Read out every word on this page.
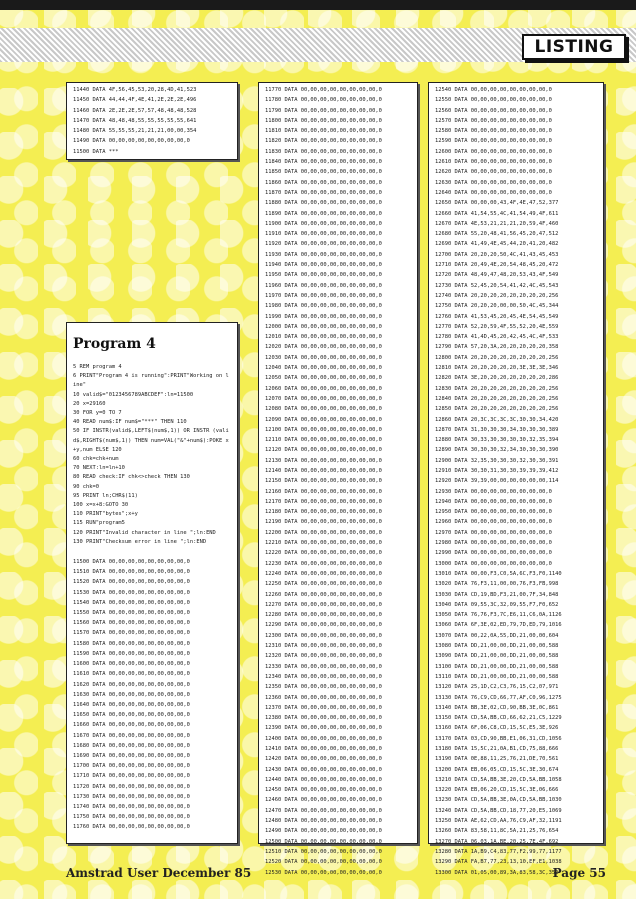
LISTING
11440 DATA 4F,56,45,53,20,28,4D,41,523
11450 DATA 44,44,4F,4E,41,2E,2E,2E,496
11460 DATA 2E,2E,2E,57,57,48,48,48,528
11470 DATA 48,48,48,55,55,55,55,55,641
11480 DATA 55,55,55,21,21,21,00,00,354
11490 DATA 00,00,00,00,00,00,00,00,0
11500 DATA ***
Program 4
5 REM program 4
6 PRINT"Program 4 is running":PRINT"Working on line"
10 valid$="0123456789ABCDEF":ln=11500
20 x=29160
30 FOR y=0 TO 7
40 READ num$:IF num$="***" THEN 110
50 IF INSTR(valid$,LEFT$(num$,1)) OR INSTR (valid$,RIGHT$(num$,1)) THEN num=VAL("&"+num$):POKE x+y,num ELSE 120
60 chk=chk+num
70 NEXT:ln=ln+10
80 READ check:IF chk<>check THEN 130
90 chk=0
95 PRINT ln;CHR$(11)
100 x=x+8:GOTO 30
110 PRINT"bytes";x+y
115 RUN"program5
120 PRINT"Invalid character in line ";ln:END
130 PRINT"Checksum error in line ";ln:END
11500 DATA 00,00,00,00,00,00,00,00,0
11510 DATA 00,00,00,00,00,00,00,00,0
11520 DATA 00,00,00,00,00,00,00,00,0
11530 DATA 00,00,00,00,00,00,00,00,0
11540 DATA 00,00,00,00,00,00,00,00,0
11550 DATA 00,00,00,00,00,00,00,00,0
11560 DATA 00,00,00,00,00,00,00,00,0
11570 DATA 00,00,00,00,00,00,00,00,0
11580 DATA 00,00,00,00,00,00,00,00,0
11590 DATA 00,00,00,00,00,00,00,00,0
11600 DATA 00,00,00,00,00,00,00,00,0
11610 DATA 00,00,00,00,00,00,00,00,0
11620 DATA 00,00,00,00,00,00,00,00,0
11630 DATA 00,00,00,00,00,00,00,00,0
11640 DATA 00,00,00,00,00,00,00,00,0
11650 DATA 00,00,00,00,00,00,00,00,0
11660 DATA 00,00,00,00,00,00,00,00,0
11670 DATA 00,00,00,00,00,00,00,00,0
11680 DATA 00,00,00,00,00,00,00,00,0
11690 DATA 00,00,00,00,00,00,00,00,0
11700 DATA 00,00,00,00,00,00,00,00,0
11710 DATA 00,00,00,00,00,00,00,00,0
11720 DATA 00,00,00,00,00,00,00,00,0
11730 DATA 00,00,00,00,00,00,00,00,0
11740 DATA 00,00,00,00,00,00,00,00,0
11750 DATA 00,00,00,00,00,00,00,00,0
11760 DATA 00,00,00,00,00,00,00,00,0
11770 DATA 00,00,00,00,00,00,00,00,0
11780 DATA 00,00,00,00,00,00,00,00,0
11790 DATA 00,00,00,00,00,00,00,00,0
11800 DATA 00,00,00,00,00,00,00,00,0
11810 DATA 00,00,00,00,00,00,00,00,0
11820 DATA 00,00,00,00,00,00,00,00,0
11830 DATA 00,00,00,00,00,00,00,00,0
11840 DATA 00,00,00,00,00,00,00,00,0
11850 DATA 00,00,00,00,00,00,00,00,0
11860 DATA 00,00,00,00,00,00,00,00,0
11870 DATA 00,00,00,00,00,00,00,00,0
11880 DATA 00,00,00,00,00,00,00,00,0
11890 DATA 00,00,00,00,00,00,00,00,0
11900 DATA 00,00,00,00,00,00,00,00,0
11910 DATA 00,00,00,00,00,00,00,00,0
11920 DATA 00,00,00,00,00,00,00,00,0
11930 DATA 00,00,00,00,00,00,00,00,0
11940 DATA 00,00,00,00,00,00,00,00,0
11950 DATA 00,00,00,00,00,00,00,00,0
11960 DATA 00,00,00,00,00,00,00,00,0
11970 DATA 00,00,00,00,00,00,00,00,0
11980 DATA 00,00,00,00,00,00,00,00,0
11990 DATA 00,00,00,00,00,00,00,00,0
12000 DATA 00,00,00,00,00,00,00,00,0
12010 DATA 00,00,00,00,00,00,00,00,0
12020 DATA 00,00,00,00,00,00,00,00,0
12030 DATA 00,00,00,00,00,00,00,00,0
12040 DATA 00,00,00,00,00,00,00,00,0
12050 DATA 00,00,00,00,00,00,00,00,0
12060 DATA 00,00,00,00,00,00,00,00,0
12070 DATA 00,00,00,00,00,00,00,00,0
12080 DATA 00,00,00,00,00,00,00,00,0
12090 DATA 00,00,00,00,00,00,00,00,0
12100 DATA 00,00,00,00,00,00,00,00,0
12110 DATA 00,00,00,00,00,00,00,00,0
12120 DATA 00,00,00,00,00,00,00,00,0
12130 DATA 00,00,00,00,00,00,00,00,0
12140 DATA 00,00,00,00,00,00,00,00,0
12150 DATA 00,00,00,00,00,00,00,00,0
12160 DATA 00,00,00,00,00,00,00,00,0
12170 DATA 00,00,00,00,00,00,00,00,0
12180 DATA 00,00,00,00,00,00,00,00,0
12190 DATA 00,00,00,00,00,00,00,00,0
12200 DATA 00,00,00,00,00,00,00,00,0
12210 DATA 00,00,00,00,00,00,00,00,0
12220 DATA 00,00,00,00,00,00,00,00,0
12230 DATA 00,00,00,00,00,00,00,00,0
12240 DATA 00,00,00,00,00,00,00,00,0
12250 DATA 00,00,00,00,00,00,00,00,0
12260 DATA 00,00,00,00,00,00,00,00,0
12270 DATA 00,00,00,00,00,00,00,00,0
12280 DATA 00,00,00,00,00,00,00,00,0
12290 DATA 00,00,00,00,00,00,00,00,0
12300 DATA 00,00,00,00,00,00,00,00,0
12310 DATA 00,00,00,00,00,00,00,00,0
12320 DATA 00,00,00,00,00,00,00,00,0
12330 DATA 00,00,00,00,00,00,00,00,0
12340 DATA 00,00,00,00,00,00,00,00,0
12350 DATA 00,00,00,00,00,00,00,00,0
12360 DATA 00,00,00,00,00,00,00,00,0
12370 DATA 00,00,00,00,00,00,00,00,0
12380 DATA 00,00,00,00,00,00,00,00,0
12390 DATA 00,00,00,00,00,00,00,00,0
12400 DATA 00,00,00,00,00,00,00,00,0
12410 DATA 00,00,00,00,00,00,00,00,0
12420 DATA 00,00,00,00,00,00,00,00,0
12430 DATA 00,00,00,00,00,00,00,00,0
12440 DATA 00,00,00,00,00,00,00,00,0
12450 DATA 00,00,00,00,00,00,00,00,0
12460 DATA 00,00,00,00,00,00,00,00,0
12470 DATA 00,00,00,00,00,00,00,00,0
12480 DATA 00,00,00,00,00,00,00,00,0
12490 DATA 00,00,00,00,00,00,00,00,0
12500 DATA 00,00,00,00,00,00,00,00,0
12510 DATA 00,00,00,00,00,00,00,00,0
12520 DATA 00,00,00,00,00,00,00,00,0
12530 DATA 00,00,00,00,00,00,00,00,0
12540 DATA 00,00,00,00,00,00,00,00,0
12550 DATA 00,00,00,00,00,00,00,00,0
12560 DATA 00,00,00,00,00,00,00,00,0
12570 DATA 00,00,00,00,00,00,00,00,0
12580 DATA 00,00,00,00,00,00,00,00,0
12590 DATA 00,00,00,00,00,00,00,00,0
12600 DATA 00,00,00,00,00,00,00,00,0
12610 DATA 00,00,00,00,00,00,00,00,0
12620 DATA 00,00,00,00,00,00,00,00,0
12630 DATA 00,00,00,00,00,00,00,00,0
12640 DATA 00,00,00,00,00,00,00,00,0
12650 DATA 00,00,00,43,4F,4E,47,52,377
12660 DATA 41,54,55,4C,41,54,49,4F,611
12670 DATA 4E,53,21,21,21,20,59,4F,460
12680 DATA 55,20,48,41,56,45,20,47,512
12690 DATA 41,49,4E,45,44,20,41,20,482
12700 DATA 20,20,20,50,4C,41,43,45,453
12710 DATA 20,49,4E,20,54,48,45,20,472
12720 DATA 48,49,47,48,20,53,43,4F,549
12730 DATA 52,45,20,54,41,42,4C,45,543
12740 DATA 20,20,20,20,20,20,20,20,256
12750 DATA 20,20,20,00,00,50,4C,45,344
12760 DATA 41,53,45,20,45,4E,54,45,549
12770 DATA 52,20,59,4F,55,52,20,4E,559
12780 DATA 41,4D,45,20,42,45,4C,4F,533
12790 DATA 57,20,3A,20,20,20,20,20,358
12800 DATA 20,20,20,20,20,20,20,20,256
12810 DATA 20,20,20,20,20,3E,3E,3E,346
12820 DATA 3E,20,20,20,20,20,20,20,286
12830 DATA 20,20,20,20,20,20,20,20,256
12840 DATA 20,20,20,20,20,20,20,20,256
12850 DATA 20,20,20,20,20,20,20,20,256
12860 DATA 20,3C,3C,3C,3C,30,30,34,420
12870 DATA 31,30,30,30,34,30,30,30,389
12880 DATA 30,33,30,30,30,30,32,35,394
12890 DATA 30,30,30,32,34,30,30,30,390
12900 DATA 32,35,30,30,30,32,30,30,391
12910 DATA 30,30,31,30,30,39,39,39,412
12920 DATA 39,39,00,00,00,00,00,00,114
12930 DATA 00,00,00,00,00,00,00,00,0
12940 DATA 00,00,00,00,00,00,00,00,0
12950 DATA 00,00,00,00,00,00,00,00,0
12960 DATA 00,00,00,00,00,00,00,00,0
12970 DATA 00,00,00,00,00,00,00,00,0
12980 DATA 00,00,00,00,00,00,00,00,0
12990 DATA 00,00,00,00,00,00,00,00,0
13000 DATA 00,00,00,00,00,00,00,00,0
13010 DATA 00,00,F3,C0,5A,6C,F3,F0,1140
13020 DATA 76,F3,11,00,00,76,F3,FB,998
13030 DATA CD,19,BD,F3,21,00,7F,34,848
13040 DATA 09,55,3C,32,09,55,F7,F0,652
13050 DATA 76,76,F3,7C,E6,11,C6,0A,1126
13060 DATA 6F,3E,02,ED,79,7D,ED,79,1016
13070 DATA 00,22,0A,55,DD,21,00,00,604
13080 DATA DD,21,00,00,DD,21,00,00,588
13090 DATA DD,21,00,00,DD,21,00,00,588
13100 DATA DD,21,00,00,DD,21,00,00,588
13110 DATA DD,21,00,00,DD,21,00,00,588
13120 DATA 25,1D,C2,C3,76,15,C2,07,971
13130 DATA 76,C9,CD,66,77,AF,C0,96,1275
13140 DATA BB,3E,02,CD,90,BB,3E,0C,861
13150 DATA CD,5A,BB,CD,66,62,21,C5,1229
13160 DATA 6F,06,C8,CD,15,5C,E5,3E,926
13170 DATA 03,CD,90,BB,E1,06,31,CD,1056
13180 DATA 15,5C,21,0A,B1,CD,75,88,666
13190 DATA 0E,88,11,25,76,21,DE,70,561
13200 DATA EB,06,05,CD,15,5C,3E,30,674
13210 DATA CD,5A,BB,3E,20,CD,5A,BB,1058
13220 DATA EB,06,20,CD,15,5C,3E,06,666
13230 DATA CD,5A,BB,3E,0A,CD,5A,BB,1030
13240 DATA CD,5A,BB,CD,18,77,20,E5,1069
13250 DATA AE,62,CD,AA,76,C9,AF,32,1191
13260 DATA 83,58,11,8C,5A,21,25,76,654
13270 DATA 06,03,1A,BE,20,25,7E,4F,692
13280 DATA 1A,B9,C4,83,77,F2,99,77,1177
13290 DATA FA,B7,77,23,13,10,EF,E1,1038
13300 DATA 01,05,00,89,3A,83,58,3C,352
Amstrad User December 85	Page 55
